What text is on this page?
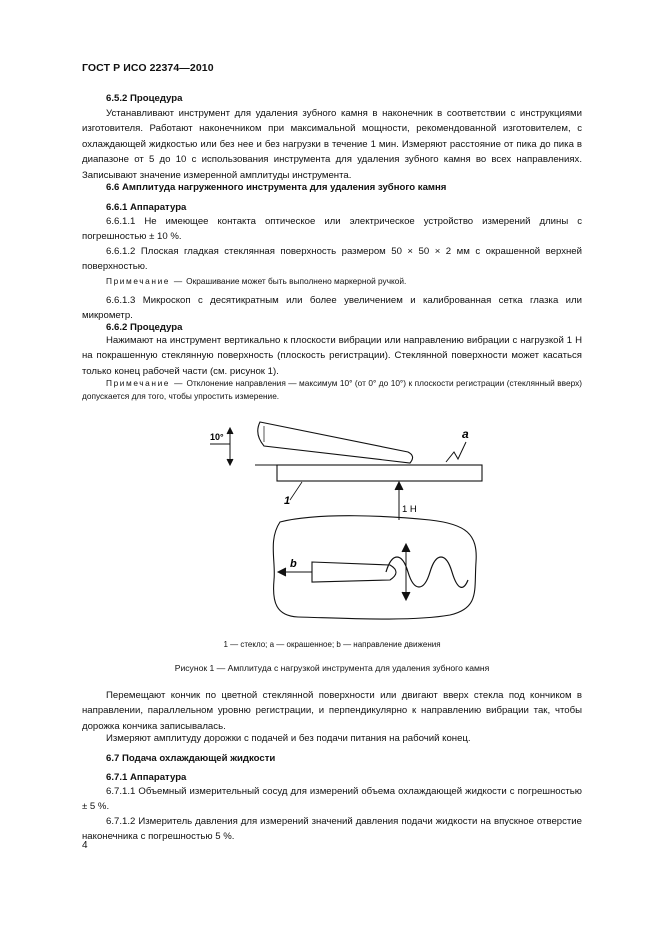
ГОСТ Р ИСО 22374—2010

6.5.2 Процедура

Устанавливают инструмент для удаления зубного камня в наконечник в соответствии с инструкциями изготовителя. Работают наконечником при максимальной мощности, рекомендованной изготовителем, с охлаждающей жидкостью или без нее и без нагрузки в течение 1 мин. Измеряют расстояние от пика до пика в диапазоне от 5 до 10 с использования инструмента для удаления зубного камня во всех направлениях. Записывают значение измеренной амплитуды инструмента.

6.6 Амплитуда нагруженного инструмента для удаления зубного камня

6.6.1 Аппаратура

6.6.1.1 Не имеющее контакта оптическое или электрическое устройство измерений длины с погрешностью ± 10 %.

6.6.1.2 Плоская гладкая стеклянная поверхность размером 50 × 50 × 2 мм с окрашенной верхней поверхностью.

Примечание — Окрашивание может быть выполнено маркерной ручкой.

6.6.1.3 Микроскоп с десятикратным или более увеличением и калиброванная сетка глазка или микрометр.

6.6.2 Процедура

Нажимают на инструмент вертикально к плоскости вибрации или направлению вибрации с нагрузкой 1 Н на покрашенную стеклянную поверхность (плоскость регистрации). Стеклянной поверхности может касаться только конец рабочей части (см. рисунок 1).

Примечание — Отклонение направления — максимум 10° (от 0° до 10°) к плоскости регистрации (стеклянный вверх) допускается для того, чтобы упростить измерение.

10°	a
1
1 Н
b
1 — стекло; a — окрашенное; b — направление движения
Рисунок 1 — Амплитуда с нагрузкой инструмента для удаления зубного камня

Перемещают кончик по цветной стеклянной поверхности или двигают вверх стекла под кончиком в направлении, параллельном уровню регистрации, и перпендикулярно к направлению вибрации так, чтобы дорожка кончика записывалась.

Измеряют амплитуду дорожки с подачей и без подачи питания на рабочий конец.

6.7 Подача охлаждающей жидкости

6.7.1 Аппаратура

6.7.1.1 Объемный измерительный сосуд для измерений объема охлаждающей жидкости с погрешностью ± 5 %.

6.7.1.2 Измеритель давления для измерений значений давления подачи жидкости на впускное отверстие наконечника с погрешностью 5 %.

4
